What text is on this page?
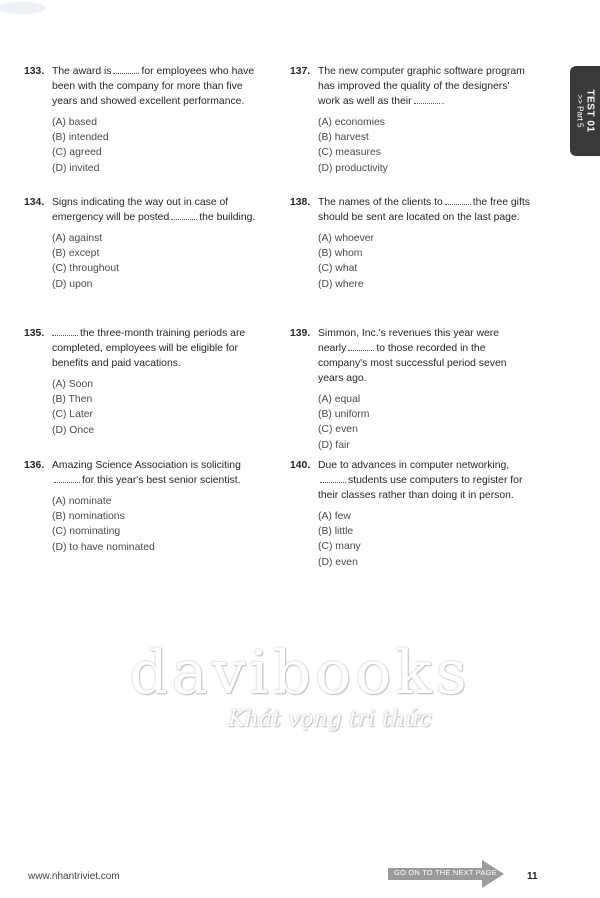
133. The award is	for employees who have been with the company for more than five years and showed excellent performance.
(A) based
(B) intended
(C) agreed
(D) invited
134. Signs indicating the way out in case of emergency will be posted	the building.
(A) against
(B) except
(C) throughout
(D) upon
135.	the three-month training periods are completed, employees will be eligible for benefits and paid vacations.
(A) Soon
(B) Then
(C) Later
(D) Once
136. Amazing Science Association is solicitingfor this year's best senior scientist.
(A) nominate
(B) nominations
(C) nominating
(D) to have nominated
137. The new computer graphic software program has improved the quality of the designers' work as well as their	.
(A) economies
(B) harvest
(C) measures
(D) productivity
138. The names of the clients to	the free gifts should be sent are located on the last page.
(A) whoever
(B) whom
(C) what
(D) where
139. Simmon, Inc.'s revenues this year were nearly	to those recorded in the company's most successful period seven years ago.
(A) equal
(B) uniform
(C) even
(D) fair
140. Due to advances in computer networking,students use computers to register for their classes rather than doing it in person.
(A) few
(B) little
(C) many
(D) even
TEST 01
>> Part 5
davibooks
Khát vọng tri thức
www.nhantriviet.com	GO ON TO THE NEXT PAGE	11
